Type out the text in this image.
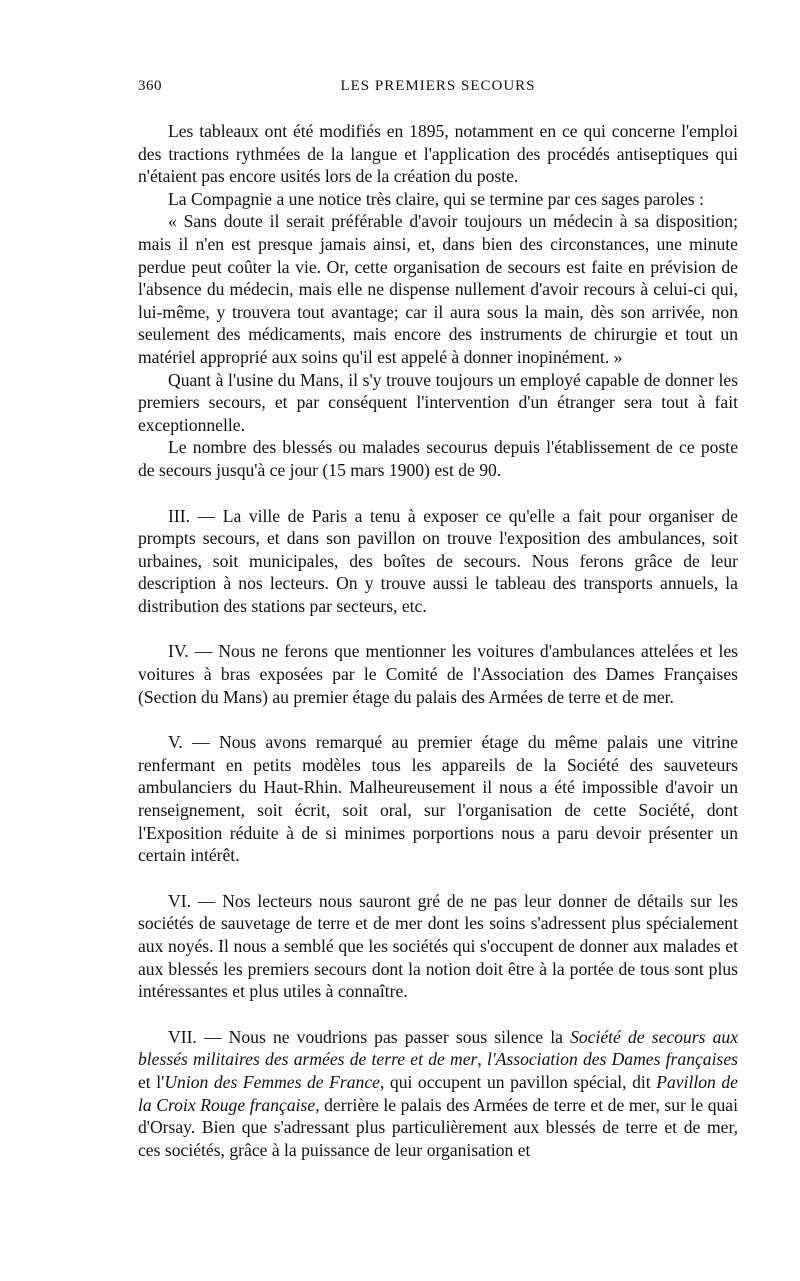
360	LES PREMIERS SECOURS

Les tableaux ont été modifiés en 1895, notamment en ce qui concerne l'emploi des tractions rythmées de la langue et l'application des procédés antiseptiques qui n'étaient pas encore usités lors de la création du poste.

La Compagnie a une notice très claire, qui se termine par ces sages paroles :

« Sans doute il serait préférable d'avoir toujours un médecin à sa disposition; mais il n'en est presque jamais ainsi, et, dans bien des circonstances, une minute perdue peut coûter la vie. Or, cette organisation de secours est faite en prévision de l'absence du médecin, mais elle ne dispense nullement d'avoir recours à celui-ci qui, lui-même, y trouvera tout avantage; car il aura sous la main, dès son arrivée, non seulement des médicaments, mais encore des instruments de chirurgie et tout un matériel approprié aux soins qu'il est appelé à donner inopinément. »

Quant à l'usine du Mans, il s'y trouve toujours un employé capable de donner les premiers secours, et par conséquent l'intervention d'un étranger sera tout à fait exceptionnelle.

Le nombre des blessés ou malades secourus depuis l'établissement de ce poste de secours jusqu'à ce jour (15 mars 1900) est de 90.

III. — La ville de Paris a tenu à exposer ce qu'elle a fait pour organiser de prompts secours, et dans son pavillon on trouve l'exposition des ambulances, soit urbaines, soit municipales, des boîtes de secours. Nous ferons grâce de leur description à nos lecteurs. On y trouve aussi le tableau des transports annuels, la distribution des stations par secteurs, etc.

IV. — Nous ne ferons que mentionner les voitures d'ambulances attelées et les voitures à bras exposées par le Comité de l'Association des Dames Françaises (Section du Mans) au premier étage du palais des Armées de terre et de mer.

V. — Nous avons remarqué au premier étage du même palais une vitrine renfermant en petits modèles tous les appareils de la Société des sauveteurs ambulanciers du Haut-Rhin. Malheureusement il nous a été impossible d'avoir un renseignement, soit écrit, soit oral, sur l'organisation de cette Société, dont l'Exposition réduite à de si minimes porportions nous a paru devoir présenter un certain intérêt.

VI. — Nos lecteurs nous sauront gré de ne pas leur donner de détails sur les sociétés de sauvetage de terre et de mer dont les soins s'adressent plus spécialement aux noyés. Il nous a semblé que les sociétés qui s'occupent de donner aux malades et aux blessés les premiers secours dont la notion doit être à la portée de tous sont plus intéressantes et plus utiles à connaître.

VII. — Nous ne voudrions pas passer sous silence la Société de secours aux blessés militaires des armées de terre et de mer, l'Association des Dames françaises et l'Union des Femmes de France, qui occupent un pavillon spécial, dit Pavillon de la Croix Rouge française, derrière le palais des Armées de terre et de mer, sur le quai d'Orsay. Bien que s'adressant plus particulièrement aux blessés de terre et de mer, ces sociétés, grâce à la puissance de leur organisation et
